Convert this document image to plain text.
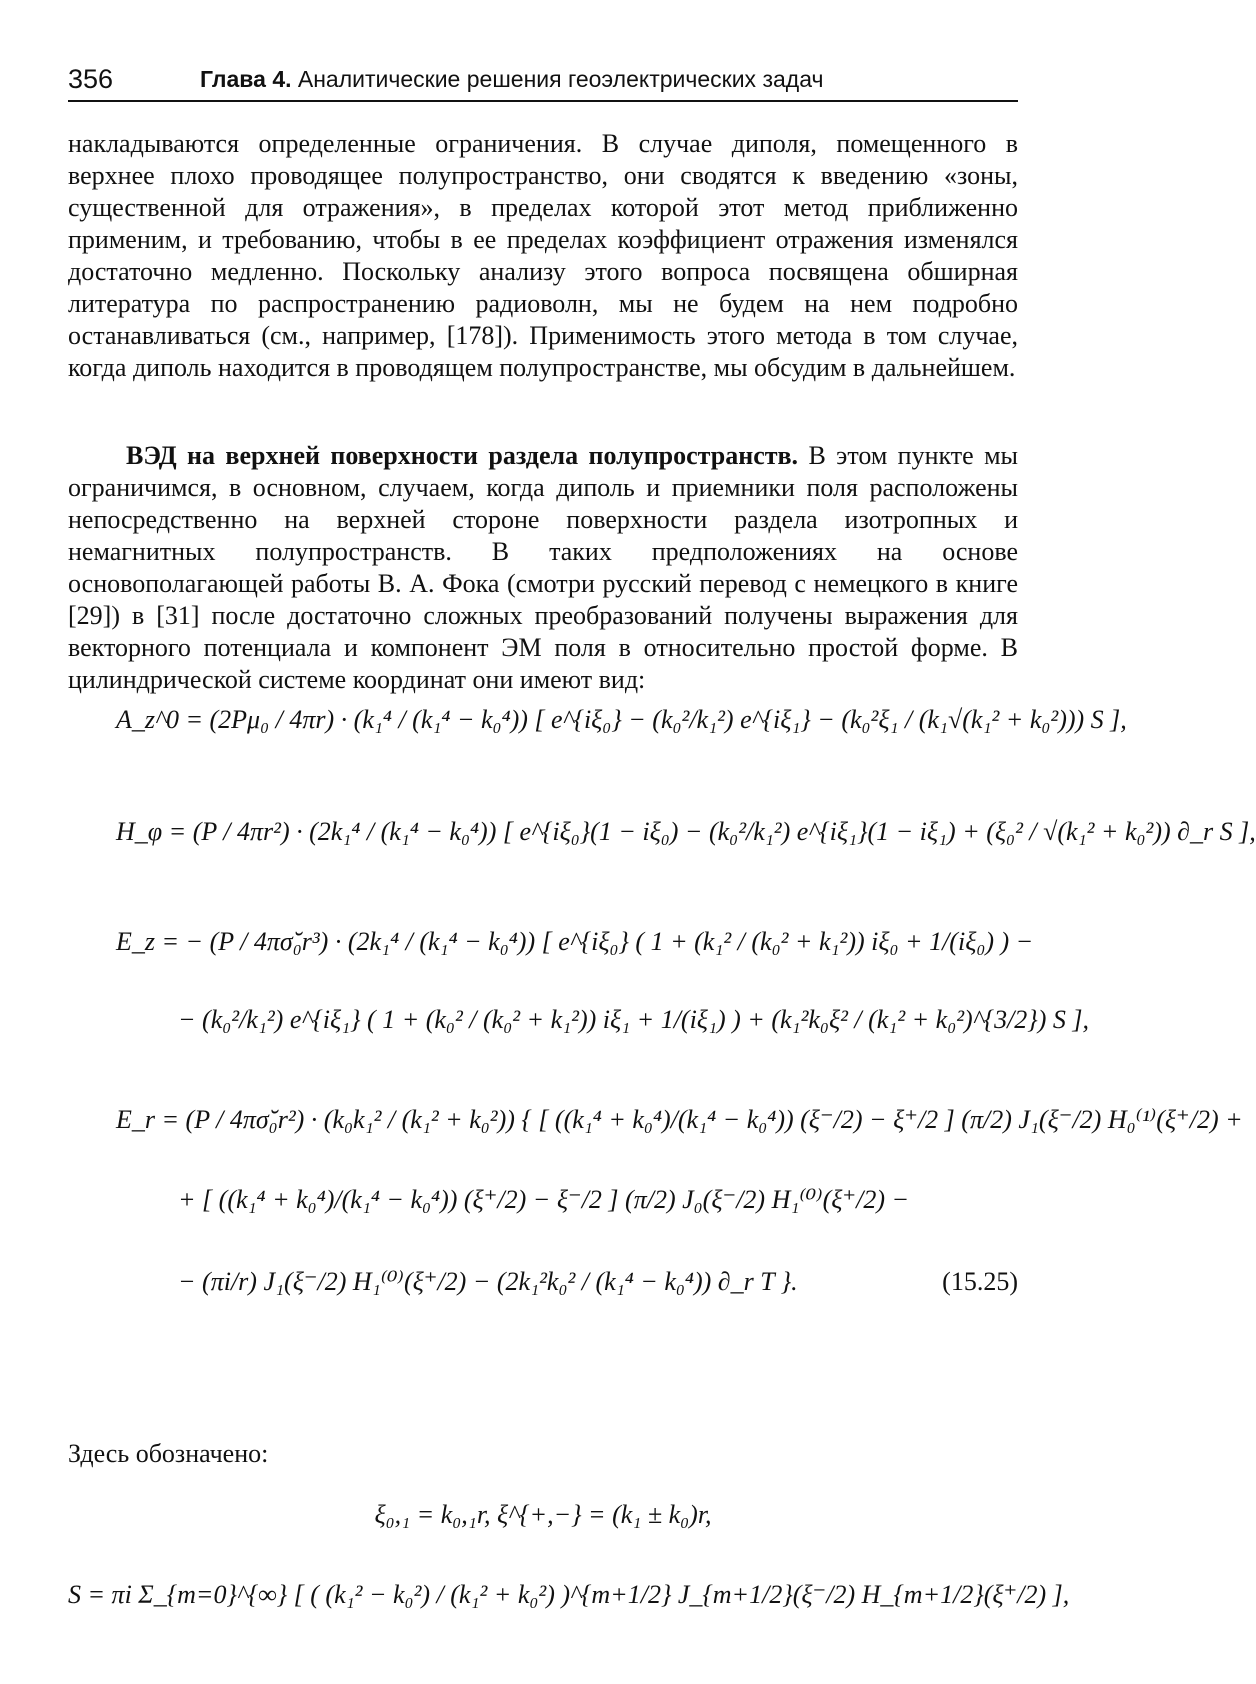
356	Глава 4. Аналитические решения геоэлектрических задач

накладываются определенные ограничения. В случае диполя, помещенного в верхнее плохо проводящее полупространство, они сводятся к введению «зоны, существенной для отражения», в пределах которой этот метод приближенно применим, и требованию, чтобы в ее пределах коэффициент отражения изменялся достаточно медленно. Поскольку анализу этого вопроса посвящена обширная литература по распространению радиоволн, мы не будем на нем подробно останавливаться (см., например, [178]). Применимость этого метода в том случае, когда диполь находится в проводящем полупространстве, мы обсудим в дальнейшем.

ВЭД на верхней поверхности раздела полупространств. В этом пункте мы ограничимся, в основном, случаем, когда диполь и приемники поля расположены непосредственно на верхней стороне поверхности раздела изотропных и немагнитных полупространств. В таких предположениях на основе основополагающей работы В. А. Фока (смотри русский перевод с немецкого в книге [29]) в [31] после достаточно сложных преобразований получены выражения для векторного потенциала и компонент ЭМ поля в относительно простой форме. В цилиндрической системе координат они имеют вид:

A_z^0 = (2Pμ₀ / 4πr) · (k₁⁴ / (k₁⁴ − k₀⁴)) [ e^{iξ₀} − (k₀²/k₁²) e^{iξ₁} − (k₀²ξ₁ / (k₁√(k₁² + k₀²))) S ],
H_φ = (P / 4πr²) · (2k₁⁴ / (k₁⁴ − k₀⁴)) [ e^{iξ₀}(1 − iξ₀) − (k₀²/k₁²) e^{iξ₁}(1 − iξ₁) + (ξ₀² / √(k₁² + k₀²)) ∂_r S ],
E_z = − (P / 4πσ̆₀r³) · (2k₁⁴ / (k₁⁴ − k₀⁴)) [ e^{iξ₀} ( 1 + (k₁² / (k₀² + k₁²)) iξ₀ + 1/(iξ₀) ) −
− (k₀²/k₁²) e^{iξ₁} ( 1 + (k₀² / (k₀² + k₁²)) iξ₁ + 1/(iξ₁) ) + (k₁²k₀ξ² / (k₁² + k₀²)^{3/2}) S ],
E_r = (P / 4πσ̆₀r²) · (k₀k₁² / (k₁² + k₀²)) { [ ((k₁⁴ + k₀⁴)/(k₁⁴ − k₀⁴)) (ξ⁻/2) − ξ⁺/2 ] (π/2) J₁(ξ⁻/2) H₀⁽¹⁾(ξ⁺/2) +
+ [ ((k₁⁴ + k₀⁴)/(k₁⁴ − k₀⁴)) (ξ⁺/2) − ξ⁻/2 ] (π/2) J₀(ξ⁻/2) H₁⁽⁰⁾(ξ⁺/2) −
− (πi/r) J₁(ξ⁻/2) H₁⁽⁰⁾(ξ⁺/2) − (2k₁²k₀² / (k₁⁴ − k₀⁴)) ∂_r T }.	(15.25)

Здесь обозначено:

ξ₀,₁ = k₀,₁r, ξ^{+,−} = (k₁ ± k₀)r,
S = πi Σ_{m=0}^{∞} [ ( (k₁² − k₀²) / (k₁² + k₀²) )^{m+1/2} J_{m+1/2}(ξ⁻/2) H_{m+1/2}(ξ⁺/2) ],
